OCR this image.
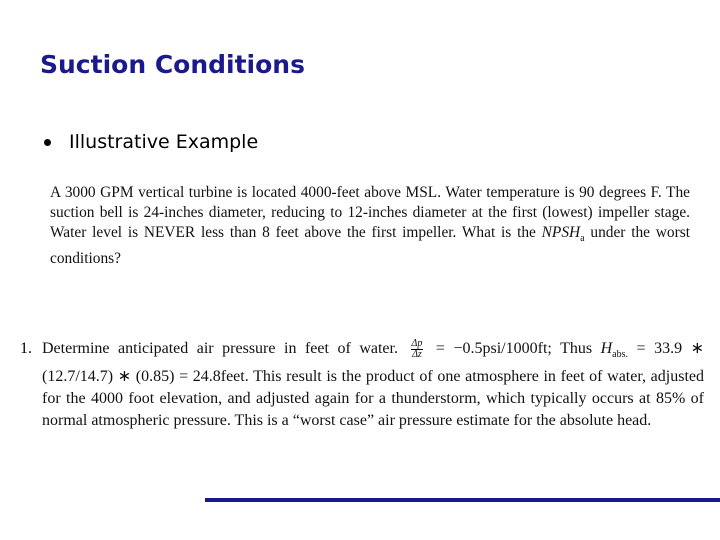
Suction Conditions
Illustrative Example
A 3000 GPM vertical turbine is located 4000-feet above MSL. Water temperature is 90 degrees F. The suction bell is 24-inches diameter, reducing to 12-inches diameter at the first (lowest) impeller stage. Water level is NEVER less than 8 feet above the first impeller. What is the $NPSH_a$ under the worst conditions?
1. Determine anticipated air pressure in feet of water. $\frac{\Delta p}{\Delta z} = -0.5psi/1000ft$; Thus $H_{abs.} = 33.9$ ∗ (12.7/14.7) ∗ (0.85) = 24.8feet. This result is the product of one atmosphere in feet of water, adjusted for the 4000 foot elevation, and adjusted again for a thunderstorm, which typically occurs at 85% of normal atmospheric pressure. This is a “worst case” air pressure estimate for the absolute head.
